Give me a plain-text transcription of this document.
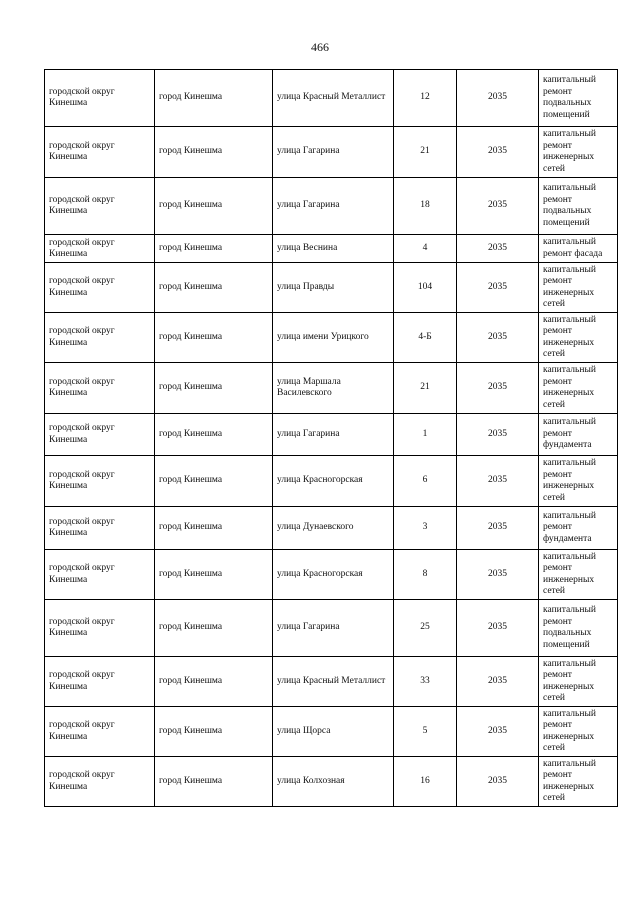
466
городской округ Кинешма	город Кинешма	улица Красный Металлист	12	2035	капитальный ремонт подвальных помещений
городской округ Кинешма	город Кинешма	улица Гагарина	21	2035	капитальный ремонт инженерных сетей
городской округ Кинешма	город Кинешма	улица Гагарина	18	2035	капитальный ремонт подвальных помещений
городской округ Кинешма	город Кинешма	улица Веснина	4	2035	капитальный ремонт фасада
городской округ Кинешма	город Кинешма	улица Правды	104	2035	капитальный ремонт инженерных сетей
городской округ Кинешма	город Кинешма	улица имени Урицкого	4-Б	2035	капитальный ремонт инженерных сетей
городской округ Кинешма	город Кинешма	улица Маршала Василевского	21	2035	капитальный ремонт инженерных сетей
городской округ Кинешма	город Кинешма	улица Гагарина	1	2035	капитальный ремонт фундамента
городской округ Кинешма	город Кинешма	улица Красногорская	6	2035	капитальный ремонт инженерных сетей
городской округ Кинешма	город Кинешма	улица Дунаевского	3	2035	капитальный ремонт фундамента
городской округ Кинешма	город Кинешма	улица Красногорская	8	2035	капитальный ремонт инженерных сетей
городской округ Кинешма	город Кинешма	улица Гагарина	25	2035	капитальный ремонт подвальных помещений
городской округ Кинешма	город Кинешма	улица Красный Металлист	33	2035	капитальный ремонт инженерных сетей
городской округ Кинешма	город Кинешма	улица Щорса	5	2035	капитальный ремонт инженерных сетей
городской округ Кинешма	город Кинешма	улица Колхозная	16	2035	капитальный ремонт инженерных сетей
